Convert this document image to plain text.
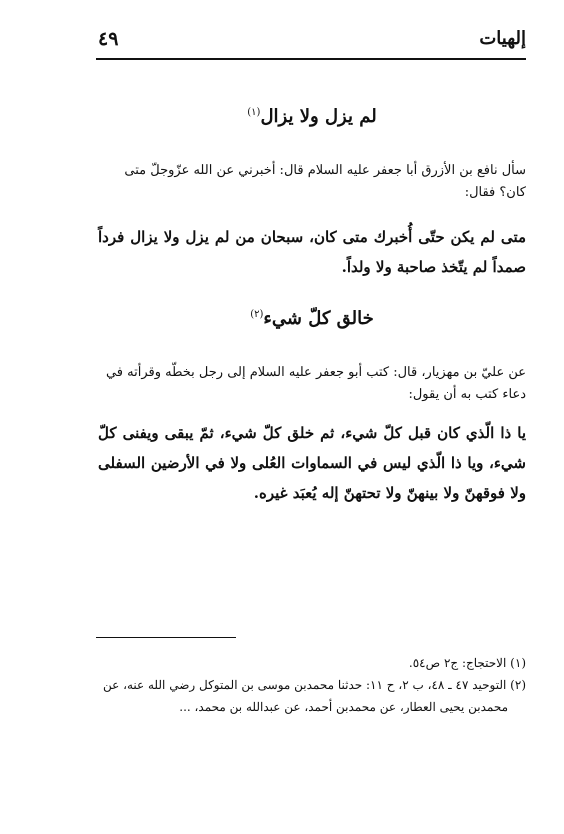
إلهيات
٤٩
لم يزل ولا يزال$^{(١)}$
سأل نافع بن الأزرق أبا جعفر عليه السلام قال: أخبرني عن الله عزّوجلّ متى كان؟ فقال:
متى لم يكن حتّى أُخبرك متى كان، سبحان من لم يزل ولا يزال فرداً صمداً لم يتّخذ صاحبة ولا ولداً.
خالق كلّ شيء$^{(٢)}$
عن عليّ بن مهزيار، قال: كتب أبو جعفر عليه السلام إلى رجل بخطّه وقرأته في دعاء كتب به أن يقول:
يا ذا الّذي كان قبل كلّ شيء، ثم خلق كلّ شيء، ثمّ يبقى ويفنى كلّ شيء، ويا ذا الّذي ليس في السماوات العُلى ولا في الأرضين السفلى ولا فوقهنّ ولا بينهنّ ولا تحتهنّ إله يُعبَد غيره.
(١) الاحتجاج: ج٢ ص٥٤.
(٢) التوحيد ٤٧ ـ ٤٨، ب ٢، ح ١١: حدثنا محمدبن موسى بن المتوكل رضي الله عنه، عن
محمدبن يحيى العطار، عن محمدبن أحمد، عن عبدالله بن محمد، ...
